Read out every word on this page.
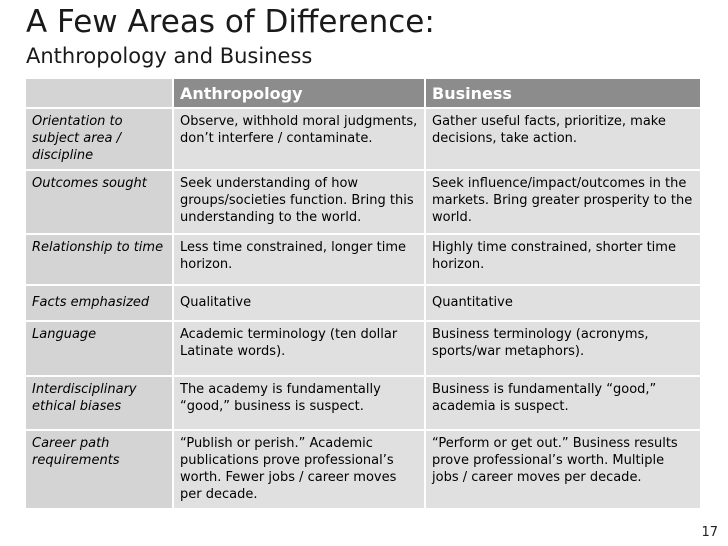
A Few Areas of Difference:
Anthropology and Business
	Anthropology	Business
Orientation to subject area / discipline	Observe, withhold moral judgments, don’t interfere / contaminate.	Gather useful facts, prioritize, make decisions, take action.
Outcomes sought	Seek understanding of how groups/societies function. Bring this understanding to the world.	Seek influence/impact/outcomes in the markets. Bring greater prosperity to the world.
Relationship to time	Less time constrained, longer time horizon.	Highly time constrained, shorter time horizon.
Facts emphasized	Qualitative	Quantitative
Language	Academic terminology (ten dollar Latinate words).	Business terminology (acronyms, sports/war metaphors).
Interdisciplinary ethical biases	The academy is fundamentally “good,” business is suspect.	Business is fundamentally “good,” academia is suspect.
Career path requirements	“Publish or perish.” Academic publications prove professional’s worth. Fewer jobs / career moves per decade.	“Perform or get out.” Business results prove professional’s worth. Multiple jobs / career moves per decade.
17
